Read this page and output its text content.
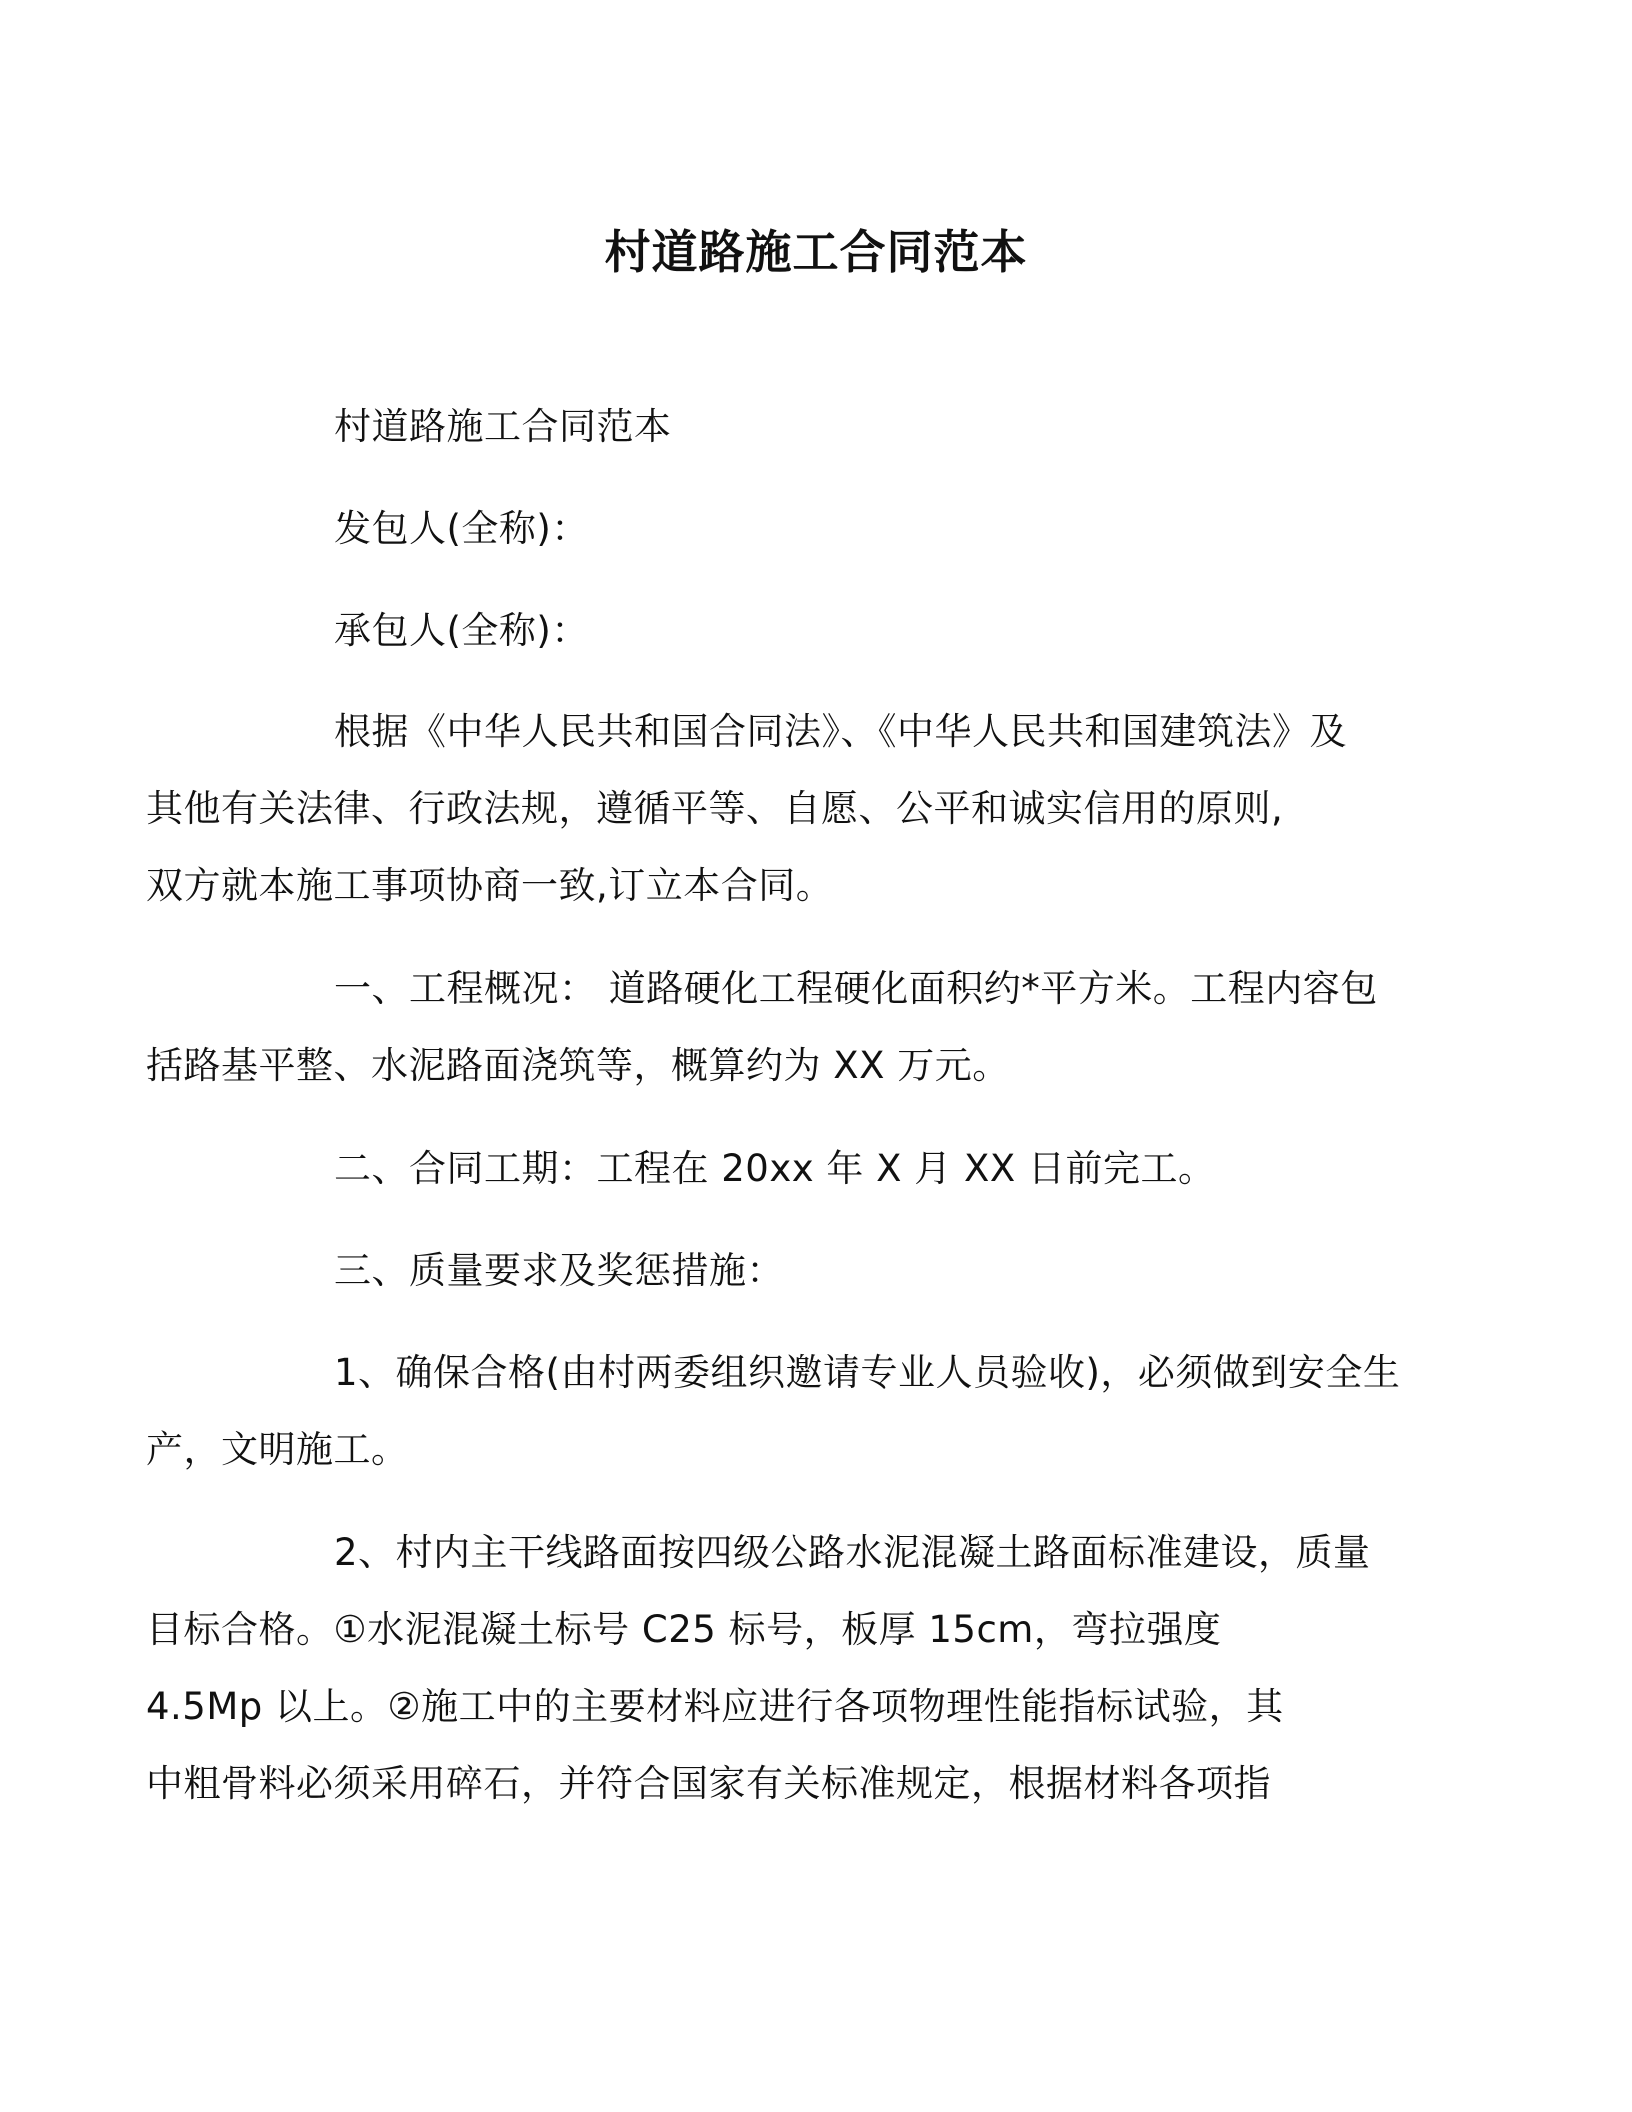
村道路施工合同范本
村道路施工合同范本
发包人(全称)：
承包人(全称)：
根据《中华人民共和国合同法》、《中华人民共和国建筑法》及
其他有关法律、行政法规，遵循平等、自愿、公平和诚实信用的原则,
双方就本施工事项协商一致,订立本合同。
一、工程概况： 道路硬化工程硬化面积约*平方米。工程内容包
括路基平整、水泥路面浇筑等，概算约为 XX 万元。
二、合同工期：工程在 20xx 年 X 月 XX 日前完工。
三、质量要求及奖惩措施：
1、确保合格(由村两委组织邀请专业人员验收)，必须做到安全生
产，文明施工。
2、村内主干线路面按四级公路水泥混凝土路面标准建设，质量
目标合格。①水泥混凝土标号 C25 标号，板厚 15cm，弯拉强度
4.5Mp 以上。②施工中的主要材料应进行各项物理性能指标试验，其
中粗骨料必须采用碎石，并符合国家有关标准规定，根据材料各项指
